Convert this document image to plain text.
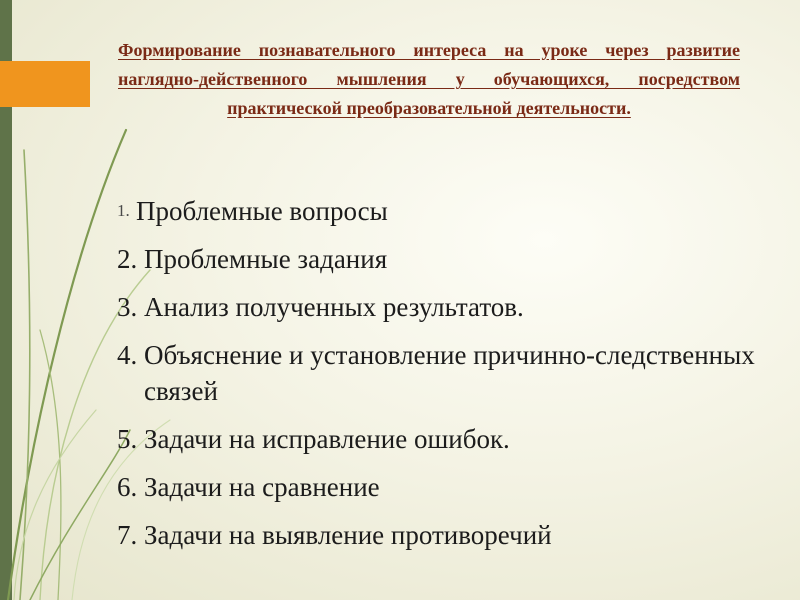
Формирование познавательного интереса на уроке через развитие наглядно-действенного мышления у обучающихся, посредством практической преобразовательной деятельности.

1. Проблемные вопросы
2. Проблемные задания
3. Анализ полученных результатов.
4. Объяснение и установление причинно-следственных связей
5. Задачи на исправление ошибок.
6. Задачи на сравнение
7. Задачи на выявление противоречий
